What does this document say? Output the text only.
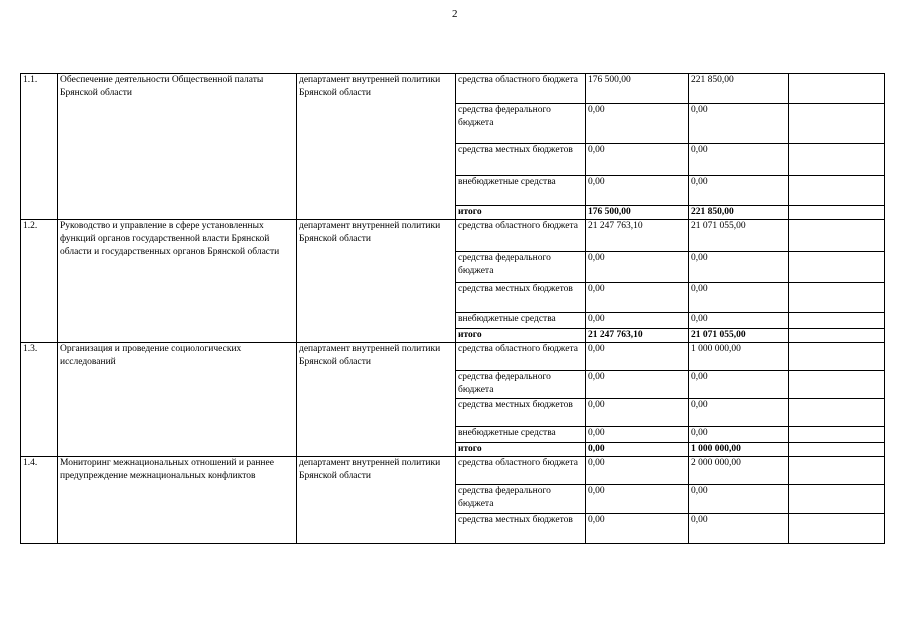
2
1.1.	Обеспечение деятельности Общественной палаты Брянской области	департамент внутренней политики Брянской области	средства областного бюджета	176 500,00	221 850,00	
			средства федерального бюджета	0,00	0,00	
			средства местных бюджетов	0,00	0,00	
			внебюджетные средства	0,00	0,00	
			итого	176 500,00	221 850,00	
1.2.	Руководство и управление в сфере установленных функций органов государственной власти Брянской области и государственных органов Брянской области	департамент внутренней политики Брянской области	средства областного бюджета	21 247 763,10	21 071 055,00	
			средства федерального бюджета	0,00	0,00	
			средства местных бюджетов	0,00	0,00	
			внебюджетные средства	0,00	0,00	
			итого	21 247 763,10	21 071 055,00	
1.3.	Организация и проведение социологических исследований	департамент внутренней политики Брянской области	средства областного бюджета	0,00	1 000 000,00	
			средства федерального бюджета	0,00	0,00	
			средства местных бюджетов	0,00	0,00	
			внебюджетные средства	0,00	0,00	
			итого	0,00	1 000 000,00	
1.4.	Мониторинг межнациональных отношений и раннее предупреждение межнациональных конфликтов	департамент внутренней политики Брянской области	средства областного бюджета	0,00	2 000 000,00	
			средства федерального бюджета	0,00	0,00	
			средства местных бюджетов	0,00	0,00	
